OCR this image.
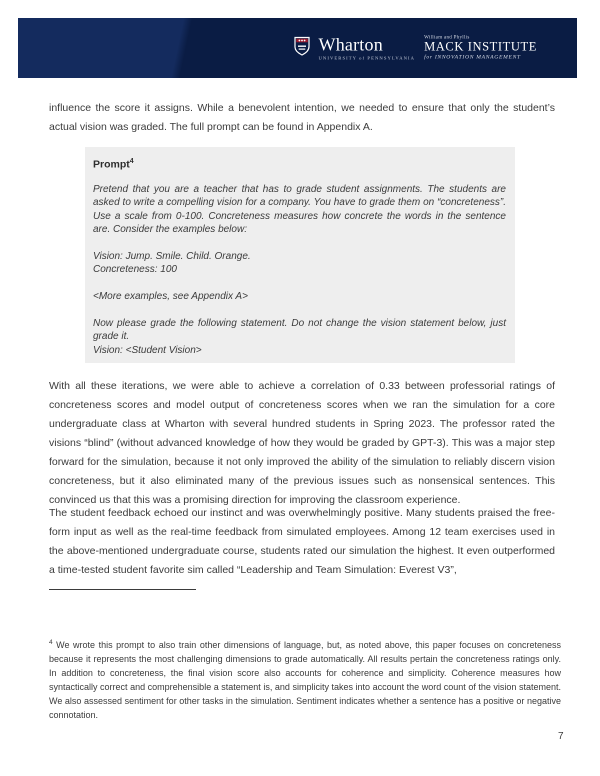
Wharton
UNIVERSITY of PENNSYLVANIA
William and Phyllis
MACK INSTITUTE
for INNOVATION MANAGEMENT
influence the score it assigns. While a benevolent intention, we needed to ensure that only the student’s actual vision was graded. The full prompt can be found in Appendix A.
Prompt$^4$
Pretend that you are a teacher that has to grade student assignments. The students are asked to write a compelling vision for a company. You have to grade them on “concreteness”. Use a scale from 0-100. Concreteness measures how concrete the words in the sentence are. Consider the examples below:
Vision: Jump. Smile. Child. Orange.
Concreteness: 100
<More examples, see Appendix A>
Now please grade the following statement. Do not change the vision statement below, just grade it.
Vision: <Student Vision>
With all these iterations, we were able to achieve a correlation of 0.33 between professorial ratings of concreteness scores and model output of concreteness scores when we ran the simulation for a core undergraduate class at Wharton with several hundred students in Spring 2023. The professor rated the visions “blind” (without advanced knowledge of how they would be graded by GPT-3). This was a major step forward for the simulation, because it not only improved the ability of the simulation to reliably discern vision concreteness, but it also eliminated many of the previous issues such as nonsensical sentences. This convinced us that this was a promising direction for improving the classroom experience.
The student feedback echoed our instinct and was overwhelmingly positive. Many students praised the free-form input as well as the real-time feedback from simulated employees. Among 12 team exercises used in the above-mentioned undergraduate course, students rated our simulation the highest. It even outperformed a time-tested student favorite sim called “Leadership and Team Simulation: Everest V3”,
$^4$ We wrote this prompt to also train other dimensions of language, but, as noted above, this paper focuses on concreteness because it represents the most challenging dimensions to grade automatically. All results pertain the concreteness ratings only. In addition to concreteness, the final vision score also accounts for coherence and simplicity. Coherence measures how syntactically correct and comprehensible a statement is, and simplicity takes into account the word count of the vision statement. We also assessed sentiment for other tasks in the simulation. Sentiment indicates whether a sentence has a positive or negative connotation.
7
